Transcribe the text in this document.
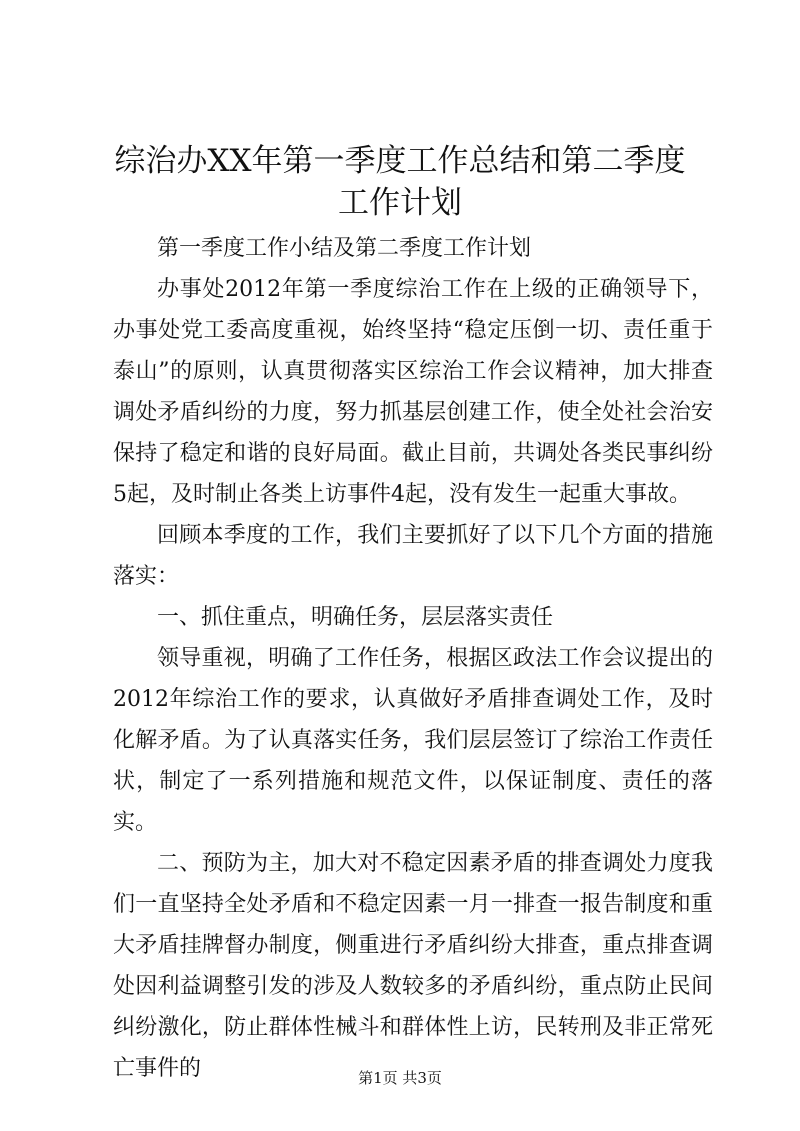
综治办XX年第一季度工作总结和第二季度工作计划

第一季度工作小结及第二季度工作计划

办事处2012年第一季度综治工作在上级的正确领导下，办事处党工委高度重视，始终坚持“稳定压倒一切、责任重于泰山”的原则，认真贯彻落实区综治工作会议精神，加大排查调处矛盾纠纷的力度，努力抓基层创建工作，使全处社会治安保持了稳定和谐的良好局面。截止目前，共调处各类民事纠纷5起，及时制止各类上访事件4起，没有发生一起重大事故。

回顾本季度的工作，我们主要抓好了以下几个方面的措施落实：

一、抓住重点，明确任务，层层落实责任

领导重视，明确了工作任务，根据区政法工作会议提出的2012年综治工作的要求，认真做好矛盾排查调处工作，及时化解矛盾。为了认真落实任务，我们层层签订了综治工作责任状，制定了一系列措施和规范文件，以保证制度、责任的落实。

二、预防为主，加大对不稳定因素矛盾的排查调处力度我们一直坚持全处矛盾和不稳定因素一月一排查一报告制度和重大矛盾挂牌督办制度，侧重进行矛盾纠纷大排查，重点排查调处因利益调整引发的涉及人数较多的矛盾纠纷，重点防止民间纠纷激化，防止群体性械斗和群体性上访，民转刑及非正常死亡事件的	第1页 共3页
